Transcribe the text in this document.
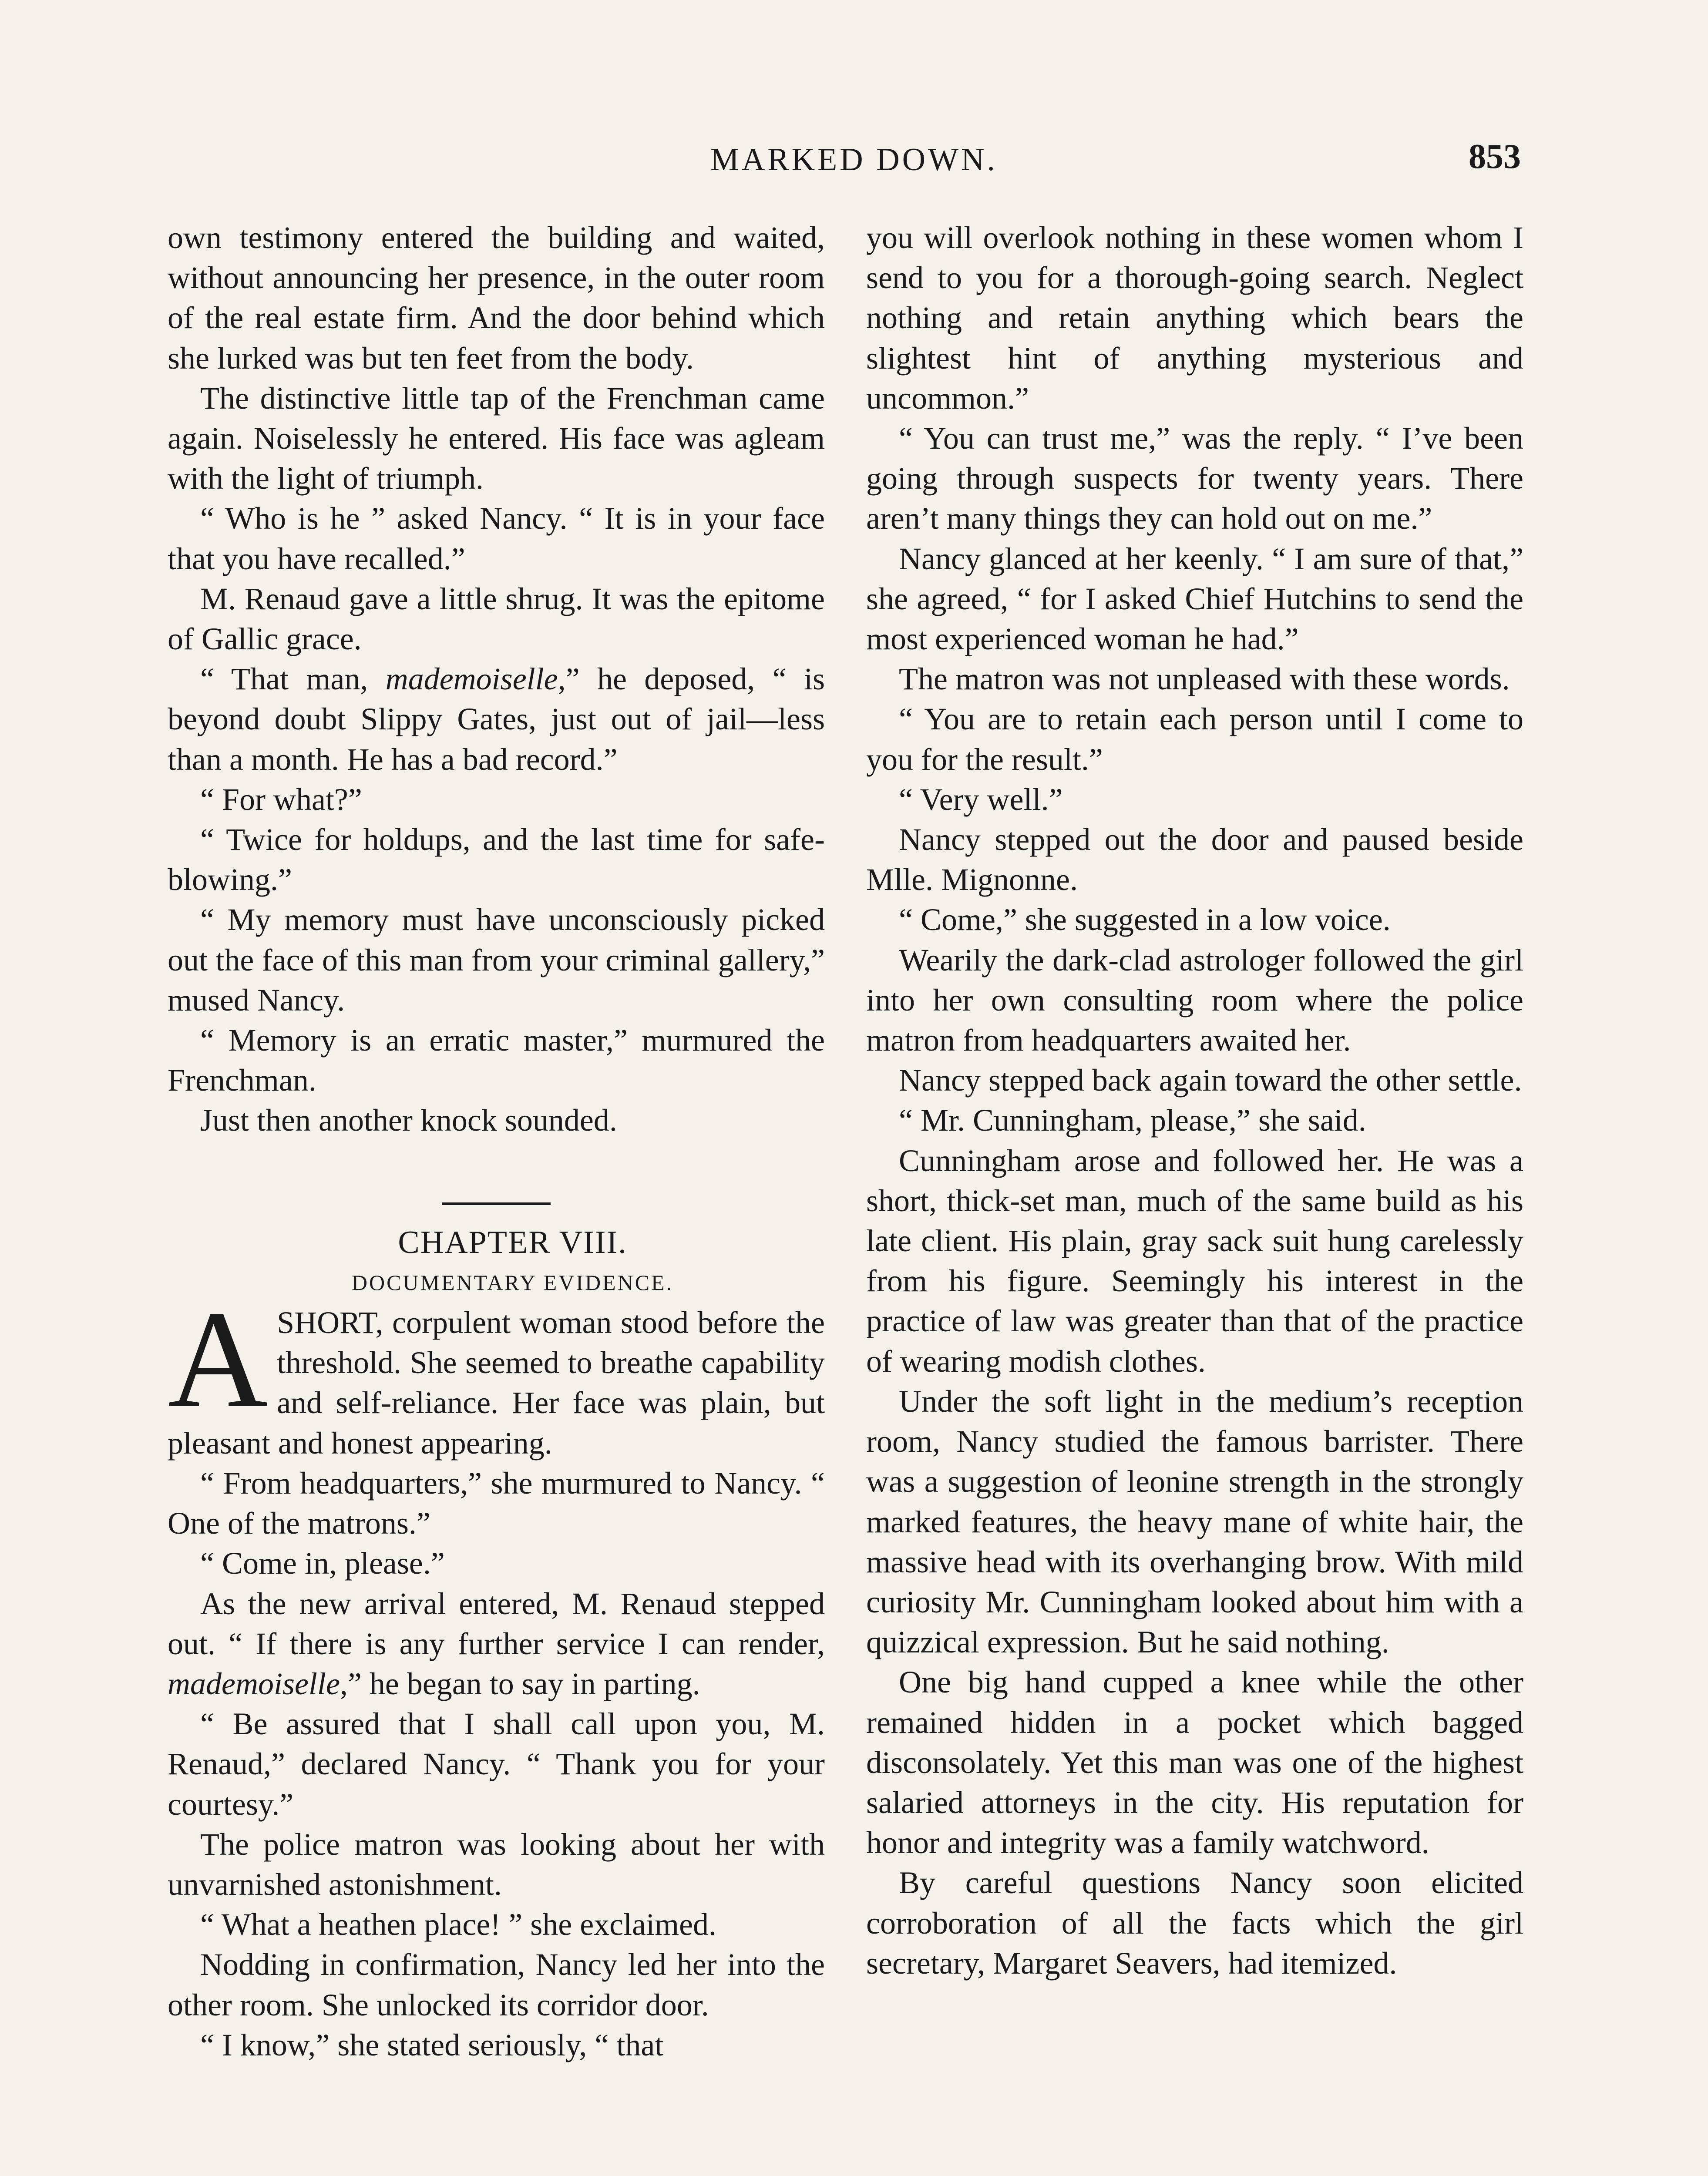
MARKED DOWN.	853

own testimony entered the building and waited, without announcing her presence, in the outer room of the real estate firm. And the door behind which she lurked was but ten feet from the body.

The distinctive little tap of the Frenchman came again. Noiselessly he entered. His face was agleam with the light of triumph.

“ Who is he ” asked Nancy. “ It is in your face that you have recalled.”

M. Renaud gave a little shrug. It was the epitome of Gallic grace.

“ That man, mademoiselle,” he deposed, “ is beyond doubt Slippy Gates, just out of jail—less than a month. He has a bad record.”

“ For what?”

“ Twice for holdups, and the last time for safe-blowing.”

“ My memory must have unconsciously picked out the face of this man from your criminal gallery,” mused Nancy.

“ Memory is an erratic master,” murmured the Frenchman.

Just then another knock sounded.

CHAPTER VIII.

DOCUMENTARY EVIDENCE.

ASHORT, corpulent woman stood before the threshold. She seemed to breathe capability and self-reliance. Her face was plain, but pleasant and honest appearing.

“ From headquarters,” she murmured to Nancy. “ One of the matrons.”

“ Come in, please.”

As the new arrival entered, M. Renaud stepped out. “ If there is any further service I can render, mademoiselle,” he began to say in parting.

“ Be assured that I shall call upon you, M. Renaud,” declared Nancy. “ Thank you for your courtesy.”

The police matron was looking about her with unvarnished astonishment.

“ What a heathen place! ” she exclaimed.

Nodding in confirmation, Nancy led her into the other room. She unlocked its corridor door.

“ I know,” she stated seriously, “ that

you will overlook nothing in these women whom I send to you for a thorough-going search. Neglect nothing and retain anything which bears the slightest hint of anything mysterious and uncommon.”

“ You can trust me,” was the reply. “ I’ve been going through suspects for twenty years. There aren’t many things they can hold out on me.”

Nancy glanced at her keenly. “ I am sure of that,” she agreed, “ for I asked Chief Hutchins to send the most experienced woman he had.”

The matron was not unpleased with these words.

“ You are to retain each person until I come to you for the result.”

“ Very well.”

Nancy stepped out the door and paused beside Mlle. Mignonne.

“ Come,” she suggested in a low voice.

Wearily the dark-clad astrologer followed the girl into her own consulting room where the police matron from headquarters awaited her.

Nancy stepped back again toward the other settle.

“ Mr. Cunningham, please,” she said.

Cunningham arose and followed her. He was a short, thick-set man, much of the same build as his late client. His plain, gray sack suit hung carelessly from his figure. Seemingly his interest in the practice of law was greater than that of the practice of wearing modish clothes.

Under the soft light in the medium’s reception room, Nancy studied the famous barrister. There was a suggestion of leonine strength in the strongly marked features, the heavy mane of white hair, the massive head with its overhanging brow. With mild curiosity Mr. Cunningham looked about him with a quizzical expression. But he said nothing.

One big hand cupped a knee while the other remained hidden in a pocket which bagged disconsolately. Yet this man was one of the highest salaried attorneys in the city. His reputation for honor and integrity was a family watchword.

By careful questions Nancy soon elicited corroboration of all the facts which the girl secretary, Margaret Seavers, had itemized.
